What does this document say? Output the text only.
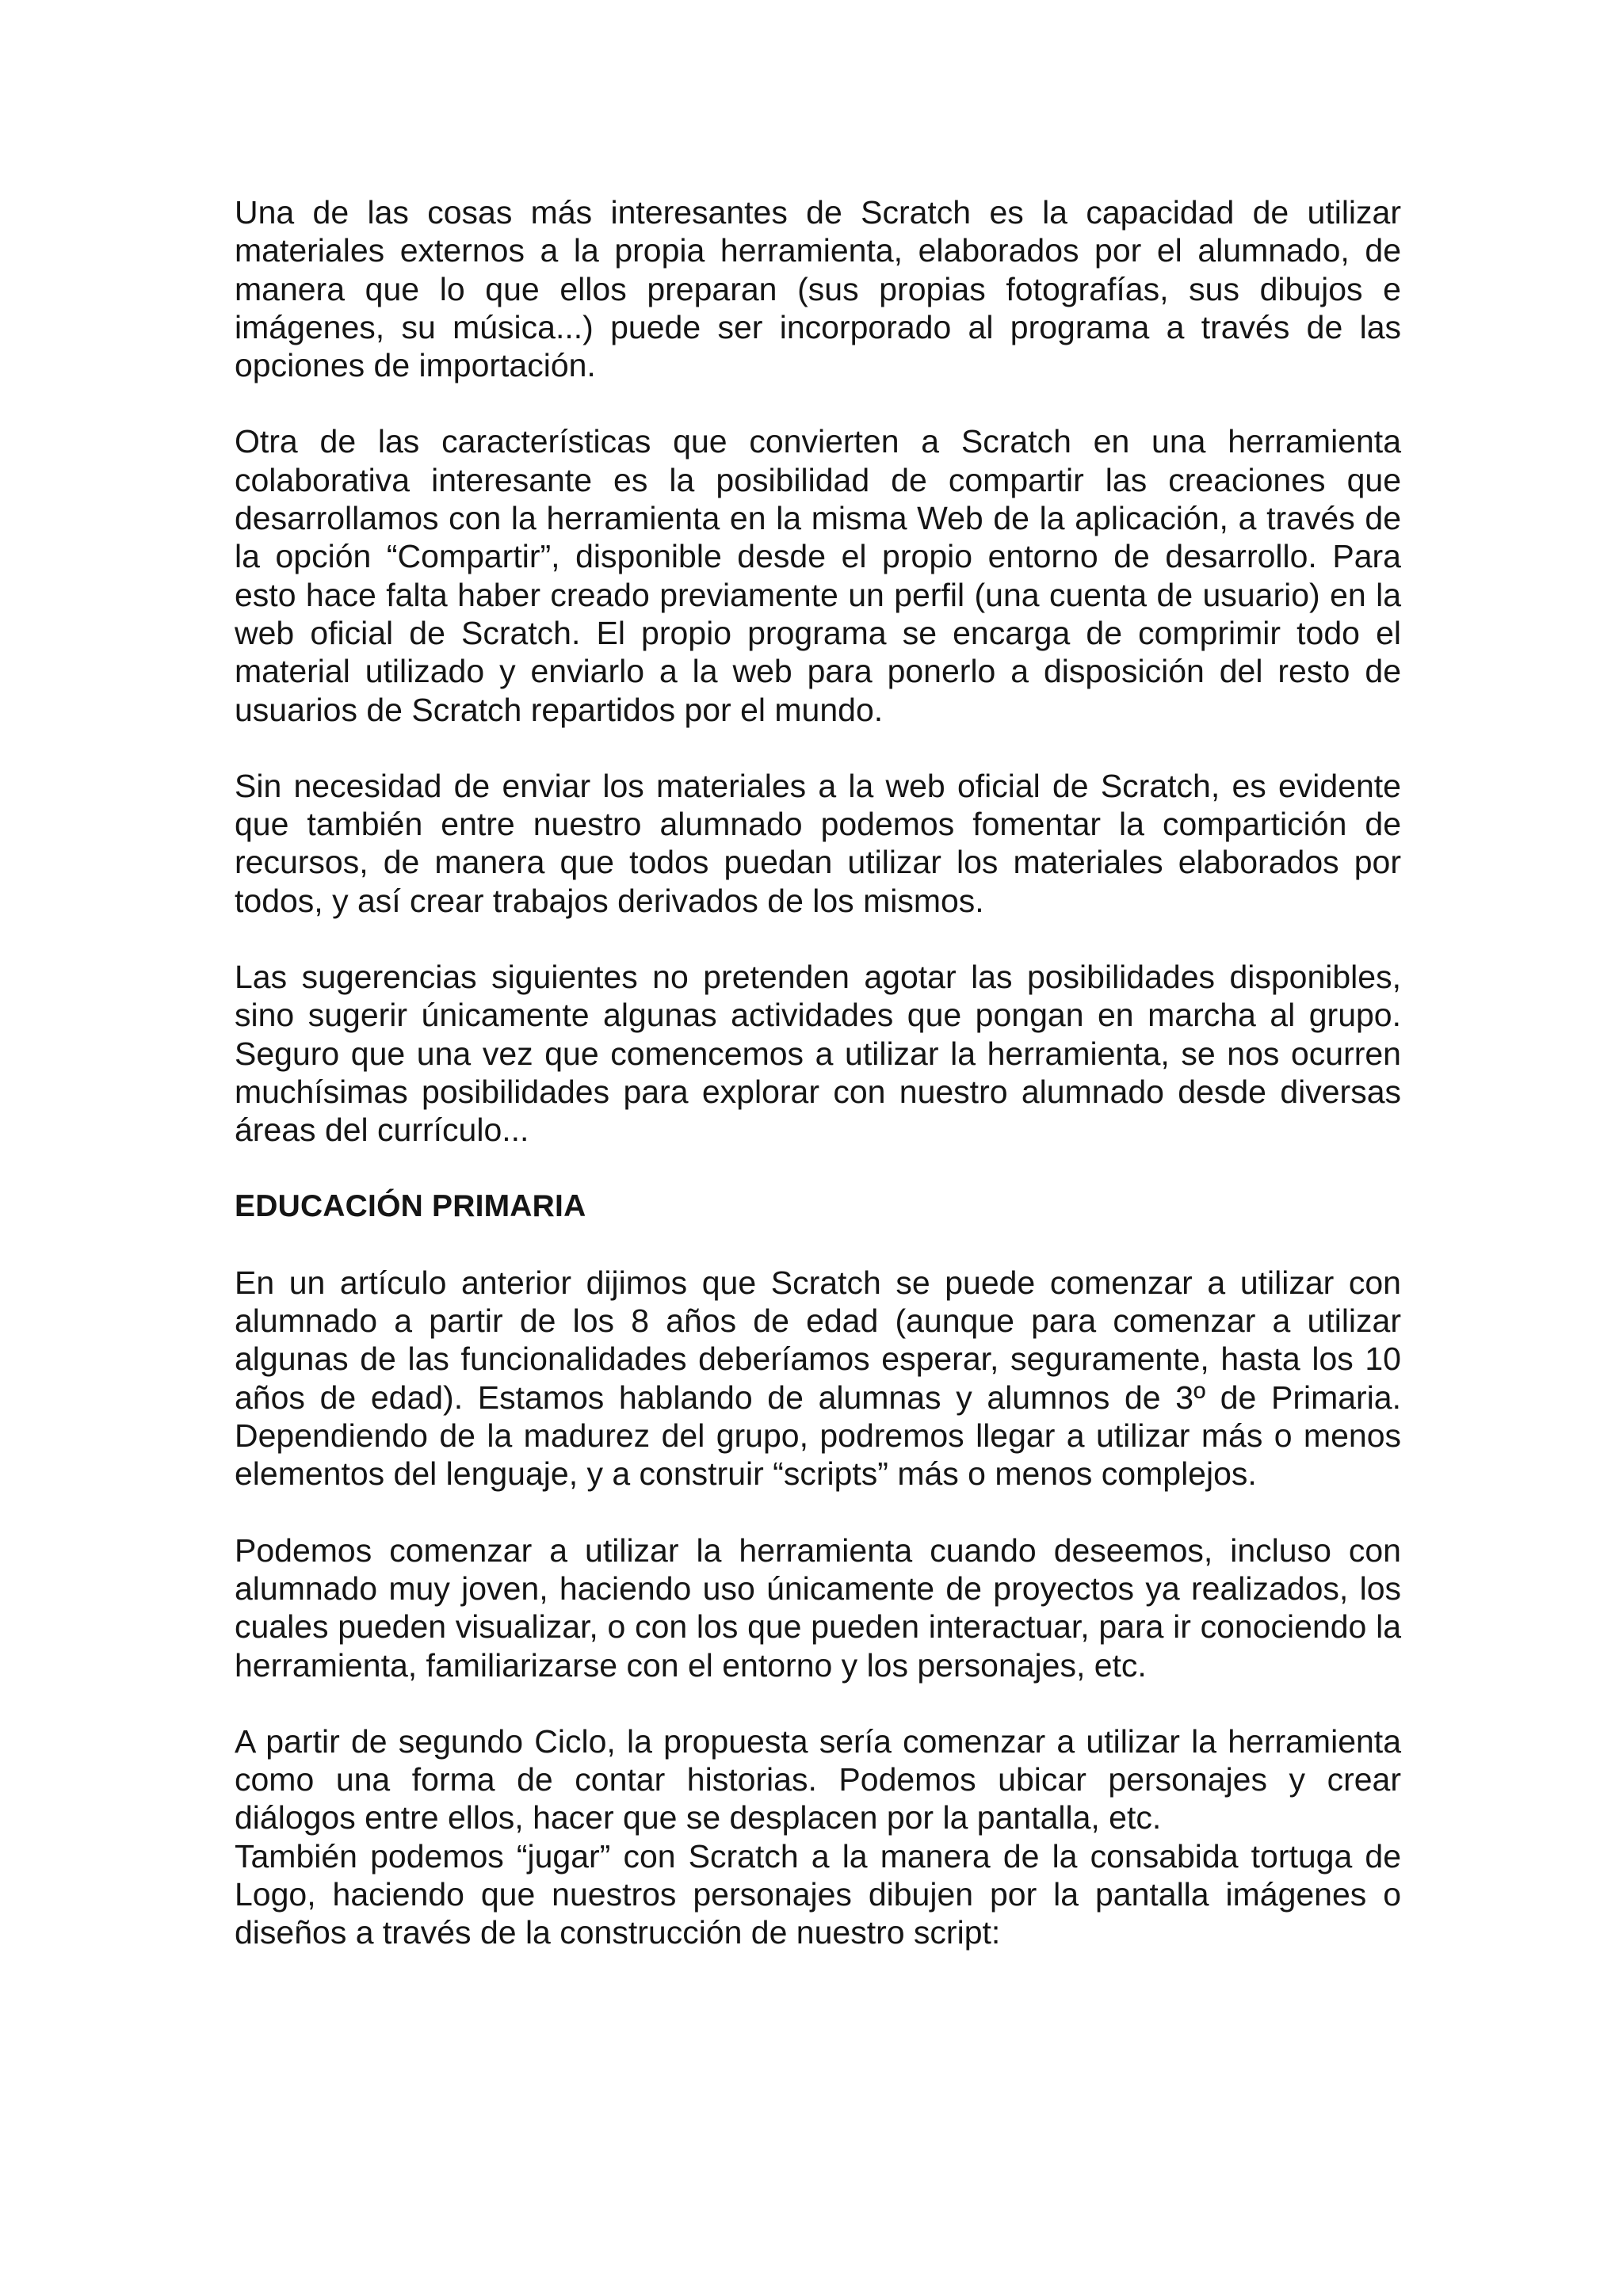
Una de las cosas más interesantes de Scratch es la capacidad de utilizar materiales externos a la propia herramienta, elaborados por el alumnado, de manera que lo que ellos preparan (sus propias fotografías, sus dibujos e imágenes, su música...) puede ser incorporado al programa a través de las opciones de importación.

Otra de las características que convierten a Scratch en una herramienta colaborativa interesante es la posibilidad de compartir las creaciones que desarrollamos con la herramienta en la misma Web de la aplicación, a través de la opción “Compartir”, disponible desde el propio entorno de desarrollo. Para esto hace falta haber creado previamente un perfil (una cuenta de usuario) en la web oficial de Scratch. El propio programa se encarga de comprimir todo el material utilizado y enviarlo a la web para ponerlo a disposición del resto de usuarios de Scratch repartidos por el mundo.

Sin necesidad de enviar los materiales a la web oficial de Scratch, es evidente que también entre nuestro alumnado podemos fomentar la compartición de recursos, de manera que todos puedan utilizar los materiales elaborados por todos, y así crear trabajos derivados de los mismos.

Las sugerencias siguientes no pretenden agotar las posibilidades disponibles, sino sugerir únicamente algunas actividades que pongan en marcha al grupo. Seguro que una vez que comencemos a utilizar la herramienta, se nos ocurren muchísimas posibilidades para explorar con nuestro alumnado desde diversas áreas del currículo...

EDUCACIÓN PRIMARIA

En un artículo anterior dijimos que Scratch se puede comenzar a utilizar con alumnado a partir de los 8 años de edad (aunque para comenzar a utilizar algunas de las funcionalidades deberíamos esperar, seguramente, hasta los 10 años de edad). Estamos hablando de alumnas y alumnos de 3º de Primaria. Dependiendo de la madurez del grupo, podremos llegar a utilizar más o menos elementos del lenguaje, y a construir “scripts” más o menos complejos.

Podemos comenzar a utilizar la herramienta cuando deseemos, incluso con alumnado muy joven, haciendo uso únicamente de proyectos ya realizados, los cuales pueden visualizar, o con los que pueden interactuar, para ir conociendo la herramienta, familiarizarse con el entorno y los personajes, etc.

A partir de segundo Ciclo, la propuesta sería comenzar a utilizar la herramienta como una forma de contar historias. Podemos ubicar personajes y crear diálogos entre ellos, hacer que se desplacen por la pantalla, etc.

También podemos “jugar” con Scratch a la manera de la consabida tortuga de Logo, haciendo que nuestros personajes dibujen por la pantalla imágenes o diseños a través de la construcción de nuestro script:
